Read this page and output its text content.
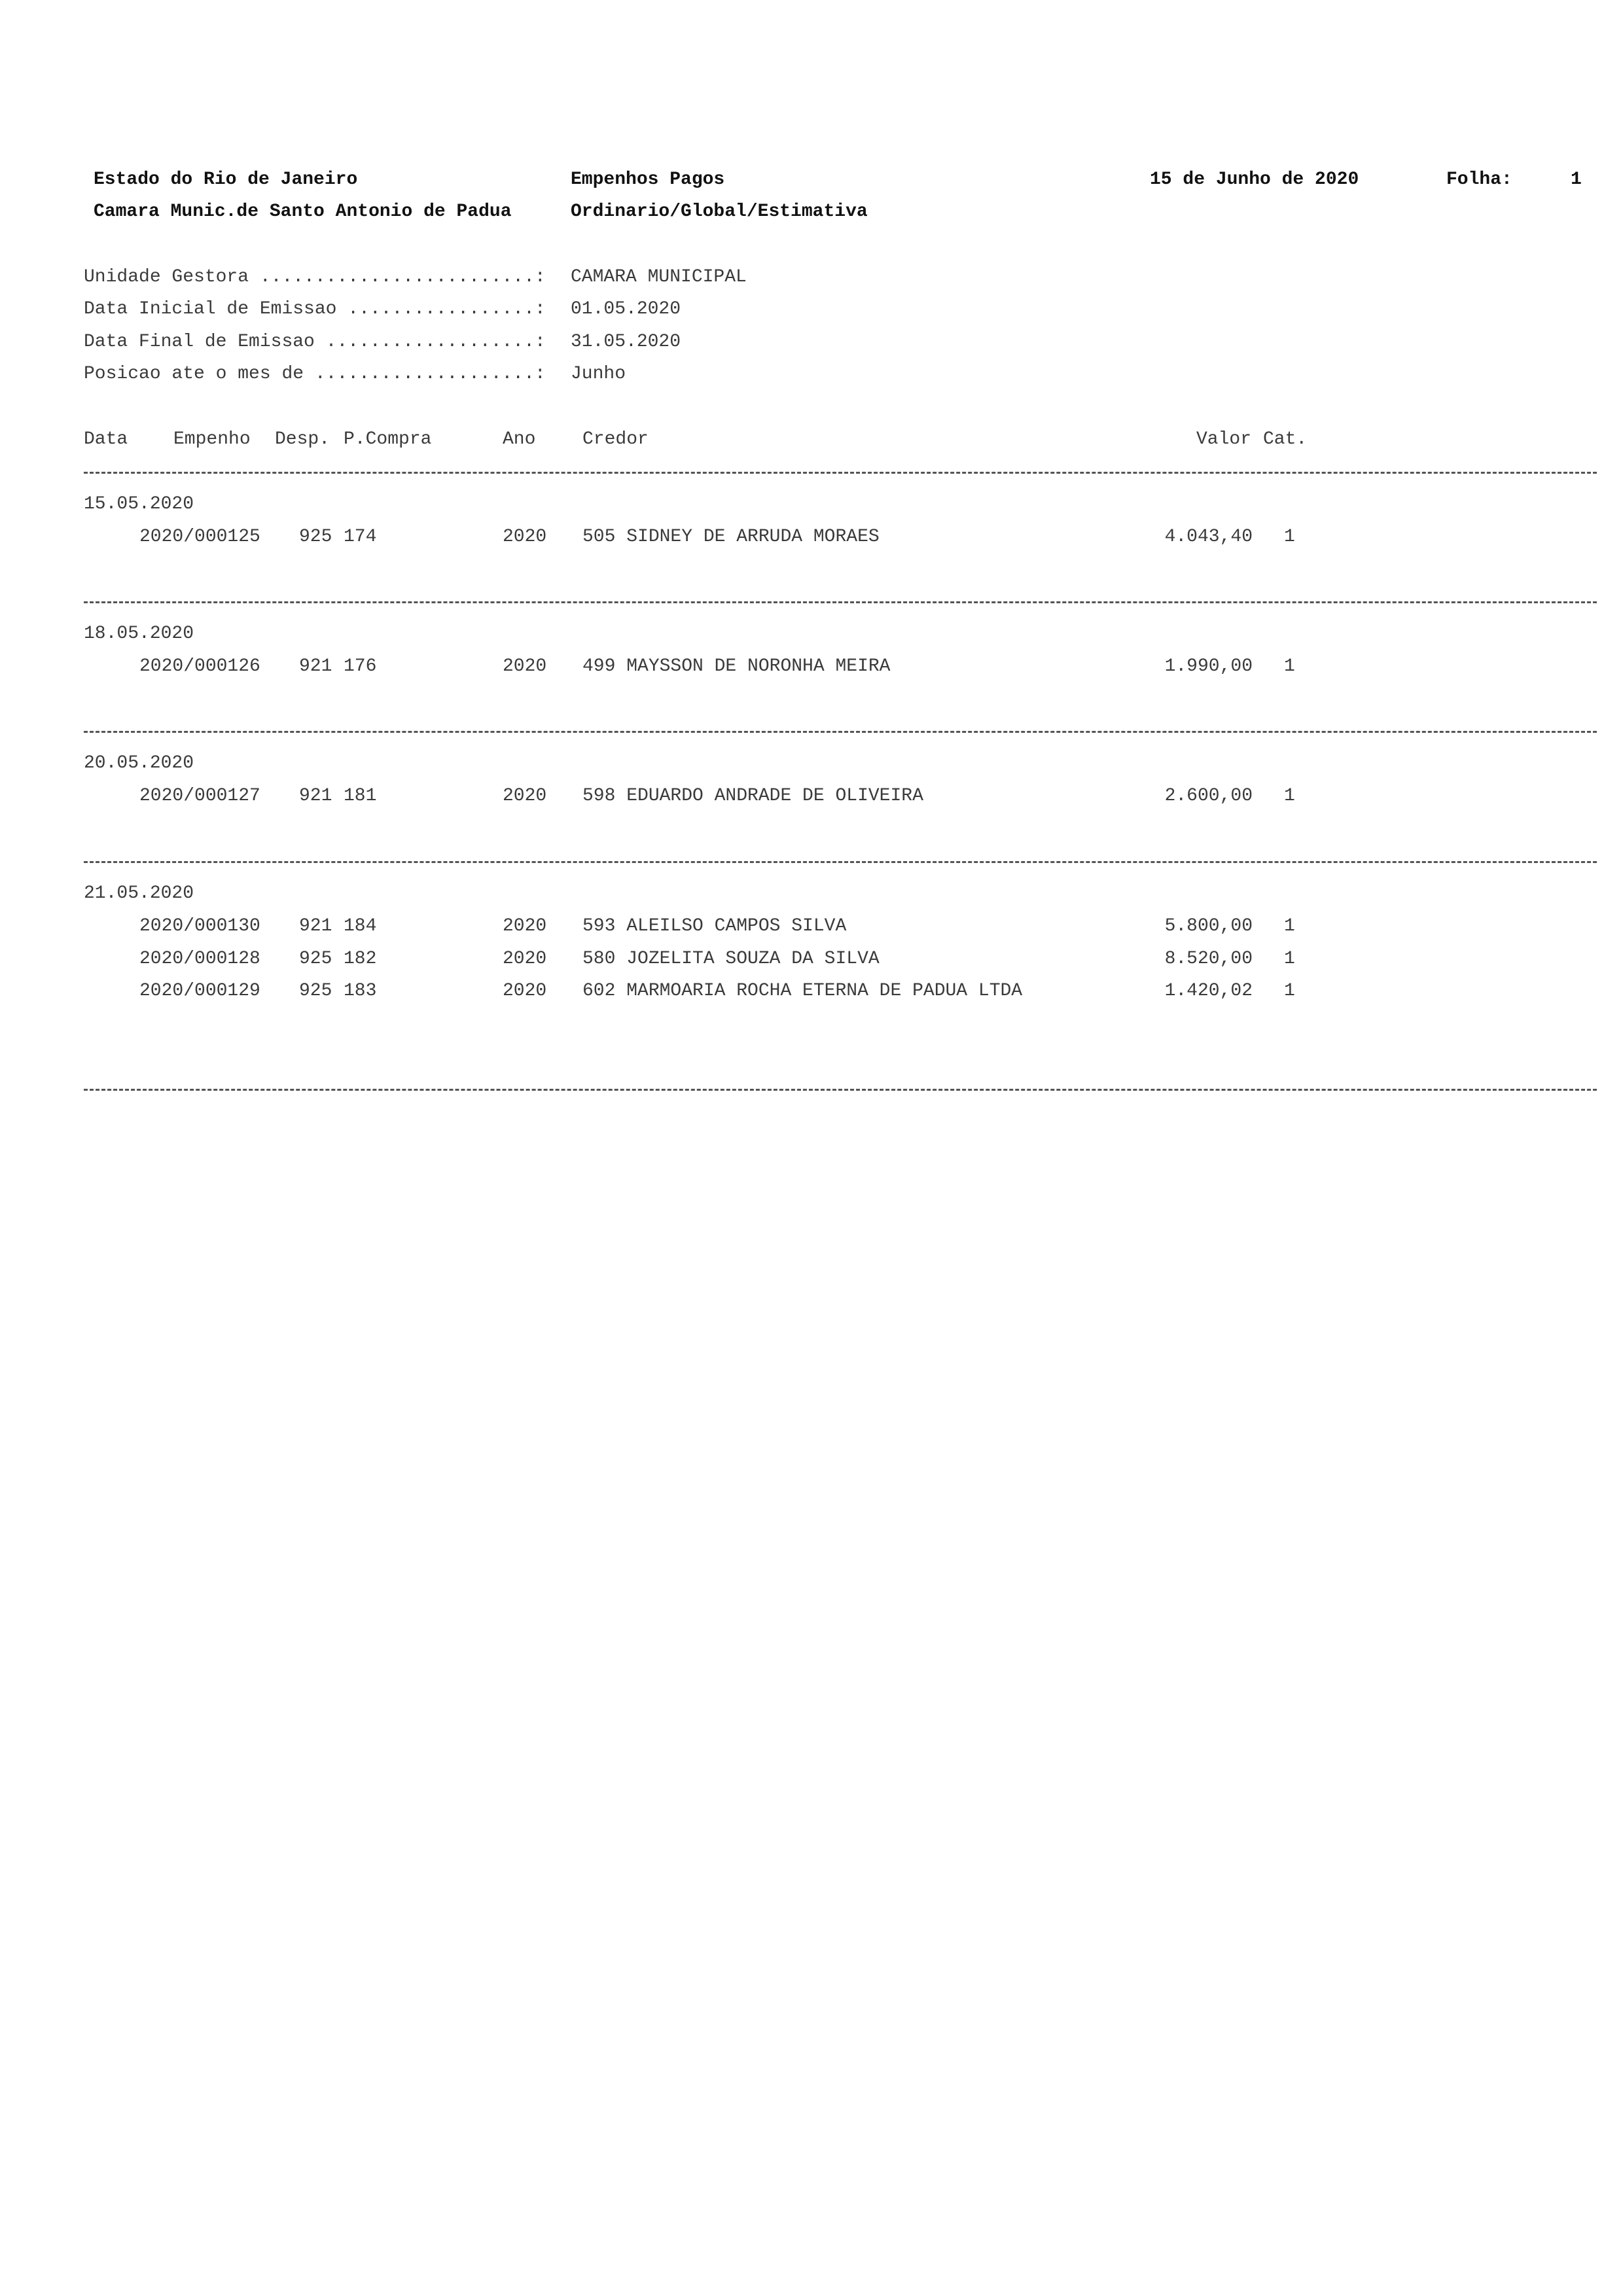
Estado do Rio de Janeiro
Camara Munic.de Santo Antonio de Padua
Empenhos Pagos
Ordinario/Global/Estimativa
15 de Junho de 2020	Folha:	1
Unidade Gestora .........................: CAMARA MUNICIPAL
Data Inicial de Emissao .................: 01.05.2020
Data Final de Emissao ...................: 31.05.2020
Posicao ate o mes de ....................: Junho
Data Empenho Desp. P.Compra	Ano	Credor	Valor Cat.
15.05.2020
2020/000125 925 174	2020 505 SIDNEY DE ARRUDA MORAES	4.043,40 1
18.05.2020
2020/000126 921 176	2020 499 MAYSSON DE NORONHA MEIRA	1.990,00 1
20.05.2020
2020/000127 921 181	2020 598 EDUARDO ANDRADE DE OLIVEIRA	2.600,00 1
21.05.2020
2020/000130 921 184	2020 593 ALEILSO CAMPOS SILVA	5.800,00 1
2020/000128 925 182	2020 580 JOZELITA SOUZA DA SILVA	8.520,00 1
2020/000129 925 183	2020 602 MARMOARIA ROCHA ETERNA DE PADUA LTDA	1.420,02 1
